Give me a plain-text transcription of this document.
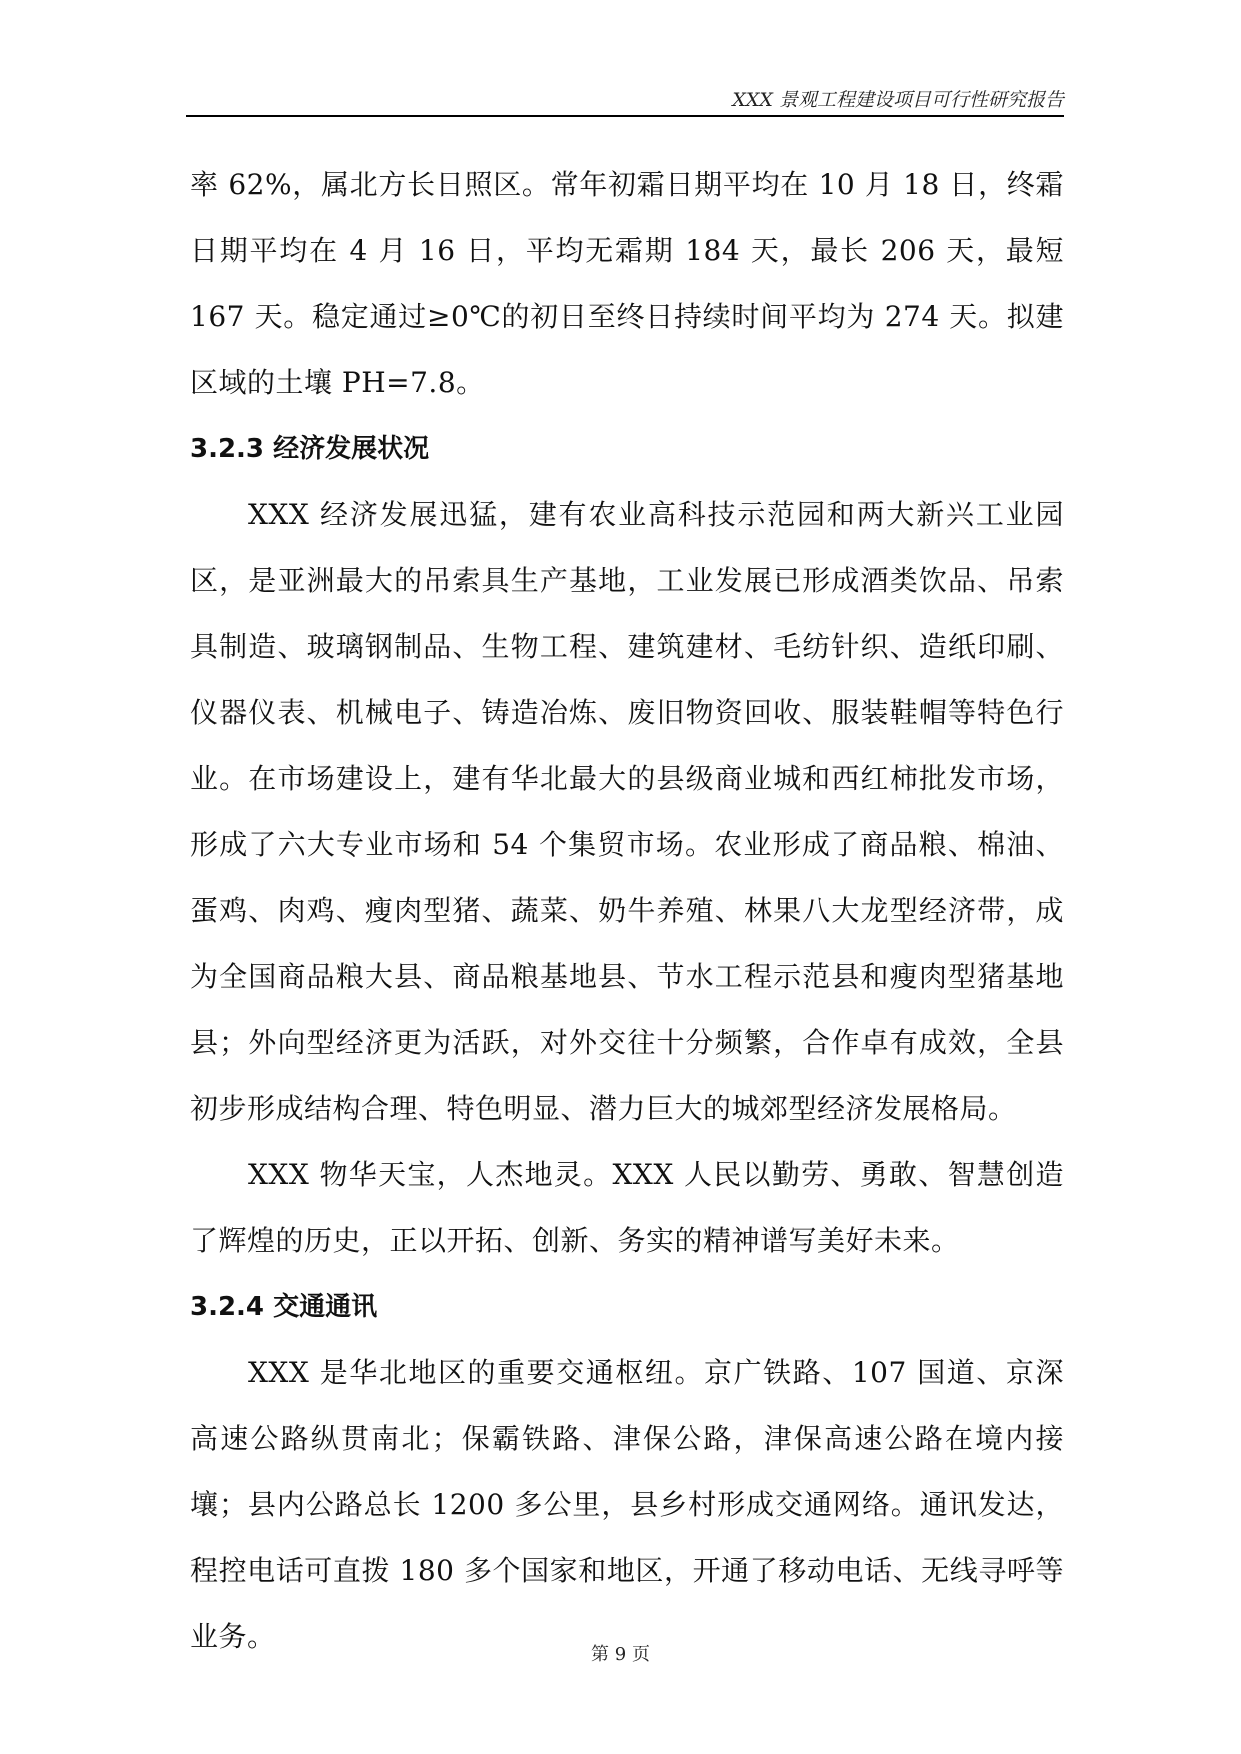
XXX 景观工程建设项目可行性研究报告

率 62%，属北方长日照区。常年初霜日期平均在 10 月 18 日，终霜日期平均在 4 月 16 日，平均无霜期 184 天，最长 206 天，最短 167 天。稳定通过≥0℃的初日至终日持续时间平均为 274 天。拟建区域的土壤 PH=7.8。

3.2.3 经济发展状况

XXX 经济发展迅猛，建有农业高科技示范园和两大新兴工业园区，是亚洲最大的吊索具生产基地，工业发展已形成酒类饮品、吊索具制造、玻璃钢制品、生物工程、建筑建材、毛纺针织、造纸印刷、仪器仪表、机械电子、铸造冶炼、废旧物资回收、服装鞋帽等特色行业。在市场建设上，建有华北最大的县级商业城和西红柿批发市场，形成了六大专业市场和 54 个集贸市场。农业形成了商品粮、棉油、蛋鸡、肉鸡、瘦肉型猪、蔬菜、奶牛养殖、林果八大龙型经济带，成为全国商品粮大县、商品粮基地县、节水工程示范县和瘦肉型猪基地县；外向型经济更为活跃，对外交往十分频繁，合作卓有成效，全县初步形成结构合理、特色明显、潜力巨大的城郊型经济发展格局。

XXX 物华天宝，人杰地灵。XXX 人民以勤劳、勇敢、智慧创造了辉煌的历史，正以开拓、创新、务实的精神谱写美好未来。

3.2.4 交通通讯

XXX 是华北地区的重要交通枢纽。京广铁路、107 国道、京深高速公路纵贯南北；保霸铁路、津保公路，津保高速公路在境内接壤；县内公路总长 1200 多公里，县乡村形成交通网络。通讯发达，程控电话可直拨 180 多个国家和地区，开通了移动电话、无线寻呼等业务。

第 9 页
